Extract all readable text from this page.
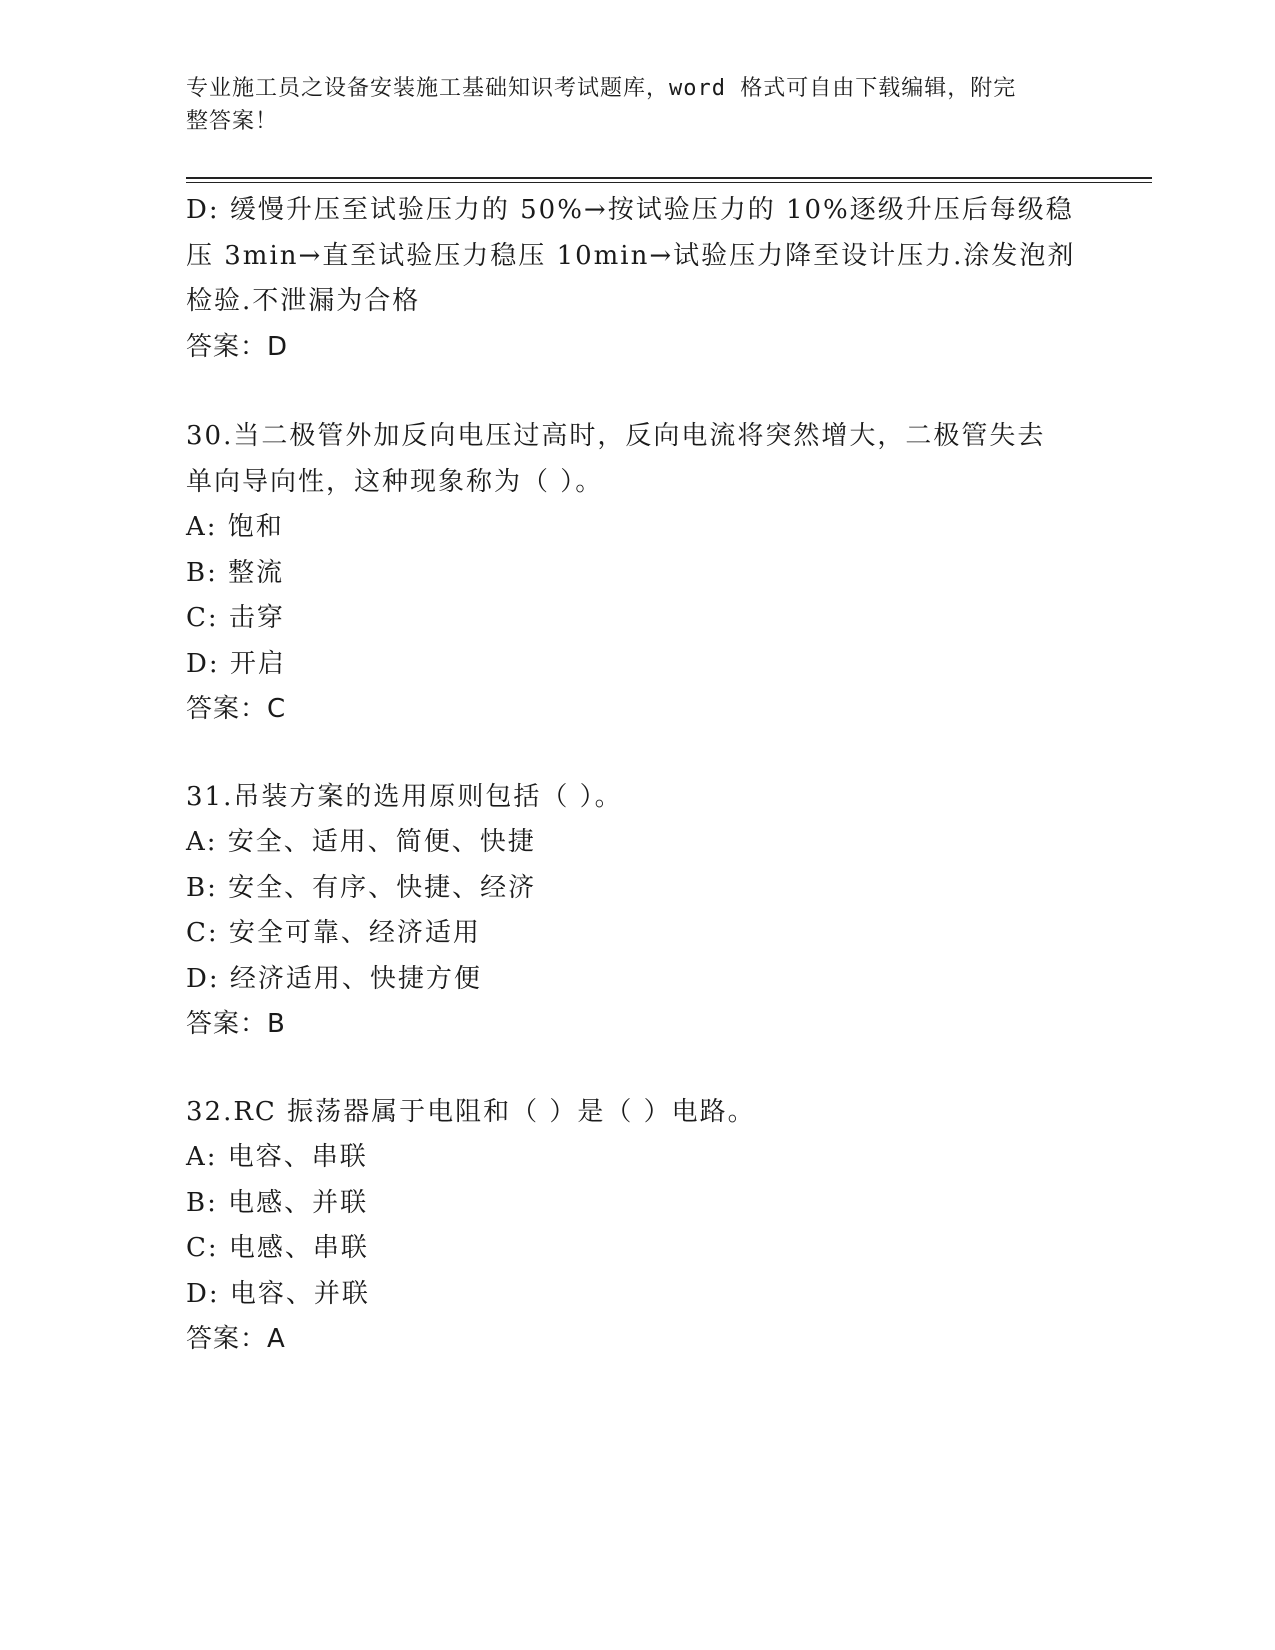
专业施工员之设备安装施工基础知识考试题库，word 格式可自由下载编辑，附完
整答案！
D: 缓慢升压至试验压力的 50%→按试验压力的 10%逐级升压后每级稳
压 3min→直至试验压力稳压 10min→试验压力降至设计压力.涂发泡剂
检验.不泄漏为合格
答案：D
30.当二极管外加反向电压过高时，反向电流将突然增大，二极管失去
单向导向性，这种现象称为（ ）。
A: 饱和
B: 整流
C: 击穿
D: 开启
答案：C
31.吊装方案的选用原则包括（ ）。
A: 安全、适用、简便、快捷
B: 安全、有序、快捷、经济
C: 安全可靠、经济适用
D: 经济适用、快捷方便
答案：B
32.RC 振荡器属于电阻和（ ）是（ ）电路。
A: 电容、串联
B: 电感、并联
C: 电感、串联
D: 电容、并联
答案：A
